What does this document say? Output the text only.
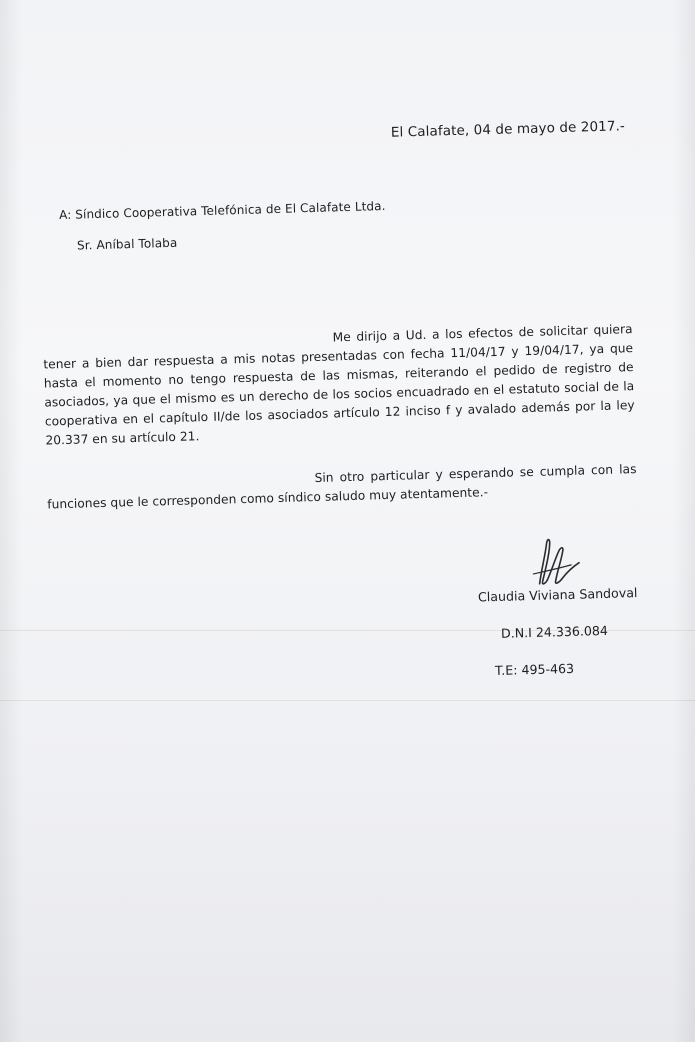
El Calafate, 04 de mayo de 2017.-
A: Síndico Cooperativa Telefónica de El Calafate Ltda.
Sr. Aníbal Tolaba
Me dirijo a Ud. a los efectos de solicitar quiera tener a bien dar respuesta a mis notas presentadas con fecha 11/04/17 y 19/04/17, ya que hasta el momento no tengo respuesta de las mismas, reiterando el pedido de registro de asociados, ya que el mismo es un derecho de los socios encuadrado en el estatuto social de la cooperativa en el capítulo II/de los asociados artículo 12 inciso f y avalado además por la ley 20.337 en su artículo 21.
Sin otro particular y esperando se cumpla con las funciones que le corresponden como síndico saludo muy atentamente.-
Claudia Viviana Sandoval
D.N.I 24.336.084
T.E: 495-463
